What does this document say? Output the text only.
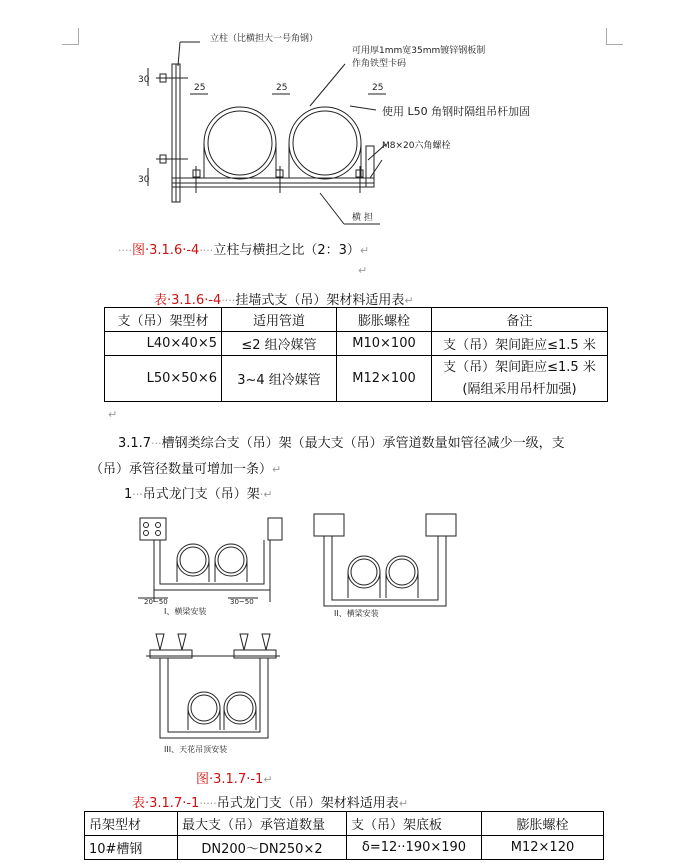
立柱（比横担大一号角钢）
可用厚1mm宽35mm镀锌钢板制
作角铁型卡码
使用 L50 角钢时隔组吊杆加固
M8×20六角螺栓
横 担
30
30
25	25	25
····图·3.1.6·-4····立柱与横担之比（2：3）↵
↵
表·3.1.6·-4····挂墙式支（吊）架材料适用表↵
支（吊）架型材	适用管道	膨胀螺栓	备注
L40×40×5	≤2 组冷媒管	M10×100	支（吊）架间距应≤1.5 米
L50×50×6	3~4 组冷媒管	M12×100	支（吊）架间距应≤1.5 米
(隔组采用吊杆加强)
↵
3.1.7···槽钢类综合支（吊）架（最大支（吊）承管道数量如管径减少一级，支
（吊）承管径数量可增加一条）↵
1···吊式龙门支（吊）架·↵
20~50	30~50
I、横梁安装	II、横梁安装
III、天花吊顶安装
图·3.1.7·-1↵
表·3.1.7·-1·····吊式龙门支（吊）架材料适用表↵
吊架型材	最大支（吊）承管道数量	支（吊）架底板	膨胀螺栓
10#槽钢	DN200～DN250×2	δ=12··190×190	M12×120
